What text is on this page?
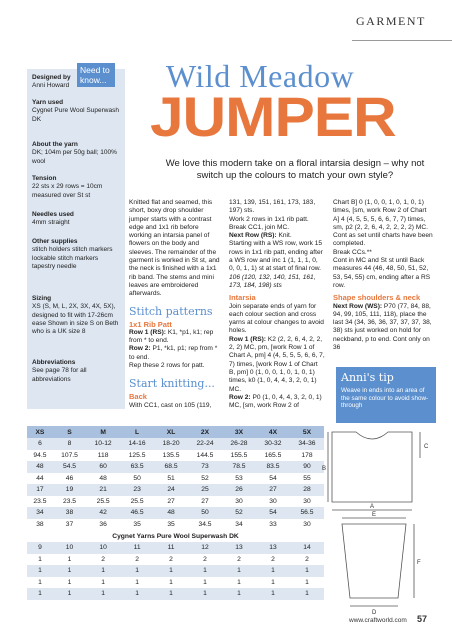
GARMENT
Need to know...
Designed by
Anni Howard
Yarn used
Cygnet Pure Wool Superwash DK
About the yarn
DK; 104m per 50g ball; 100% wool
Tension
22 sts x 29 rows = 10cm measured over St st
Needles used
4mm straight
Other supplies
stitch holders stitch markers lockable stitch markers tapestry needle
Sizing
XS (S, M, L, 2X, 3X, 4X, 5X), designed to fit with 17-26cm ease Shown in size S on Beth who is a UK size 8
Abbreviations
See page 78 for all abbreviations
Wild Meadow
JUMPER
We love this modern take on a floral intarsia design – why not switch up the colours to match your own style?
Knitted flat and seamed, this short, boxy drop shoulder jumper starts with a contrast edge and 1x1 rib before working an intarsia panel of flowers on the body and sleeves. The remainder of the garment is worked in St st, and the neck is finished with a 1x1 rib band. The stems and mini leaves are embroidered afterwards.
Stitch patterns
1x1 Rib Patt
Row 1 (RS): K1, *p1, k1; rep from * to end.
Row 2: P1, *k1, p1; rep from * to end.
Rep these 2 rows for patt.
Start knitting...
Back
With CC1, cast on 105 (119,
131, 139, 151, 161, 173, 183, 197) sts.
Work 2 rows in 1x1 rib patt.
Break CC1, join MC.
Next Row (RS): Knit.
Starting with a WS row, work 15 rows in 1x1 rib patt, ending after a WS row and inc 1 (1, 1, 1, 0, 0, 0, 1, 1) st at start of final row. 106 (120, 132, 140, 151, 161, 173, 184, 198) sts
Intarsia
Join separate ends of yarn for each colour section and cross yarns at colour changes to avoid holes.
Row 1 (RS): K2 (2, 2, 6, 4, 2, 2, 2, 2) MC, pm, [work Row 1 of Chart A, pm] 4 (4, 5, 5, 5, 6, 6, 7, 7) times, [work Row 1 of Chart B, pm] 0 (1, 0, 0, 1, 0, 1, 0, 1) times, k0 (1, 0, 4, 4, 3, 2, 0, 1) MC.
Row 2: P0 (1, 0, 4, 4, 3, 2, 0, 1) MC, [sm, work Row 2 of
Chart B] 0 (1, 0, 0, 1, 0, 1, 0, 1) times, [sm, work Row 2 of Chart A] 4 (4, 5, 5, 5, 6, 6, 7, 7) times, sm, p2 (2, 2, 6, 4, 2, 2, 2, 2) MC.
Cont as set until charts have been completed.
Break CCs.**
Cont in MC and St st until Back measures 44 (46, 48, 50, 51, 52, 53, 54, 55) cm, ending after a RS row.
Shape shoulders & neck
Next Row (WS): P70 (77, 84, 88, 94, 99, 105, 111, 118), place the last 34 (34, 36, 36, 37, 37, 37, 38, 38) sts just worked on hold for neckband, p to end. Cont only on 36
Anni's tip
Weave in ends into an area of the same colour to avoid show-through
XS	S	M	L	XL	2X	3X	4X	5X
6	8	10-12	14-16	18-20	22-24	26-28	30-32	34-36
94.5	107.5	118	125.5	135.5	144.5	155.5	165.5	178
48	54.5	60	63.5	68.5	73	78.5	83.5	90
44	46	48	50	51	52	53	54	55
17	19	21	23	24	25	26	27	28
23.5	23.5	25.5	25.5	27	27	30	30	30
34	38	42	46.5	48	50	52	54	56.5
38	37	36	35	35	34.5	34	33	30
Cygnet Yarns Pure Wool Superwash DK								
9	10	10	11	11	12	13	13	14
1	1	2	2	2	2	2	2	2
1	1	1	1	1	1	1	1	1
1	1	1	1	1	1	1	1	1
1	1	1	1	1	1	1	1	1
C
B
A
E
F
D
www.craftworld.com 57
